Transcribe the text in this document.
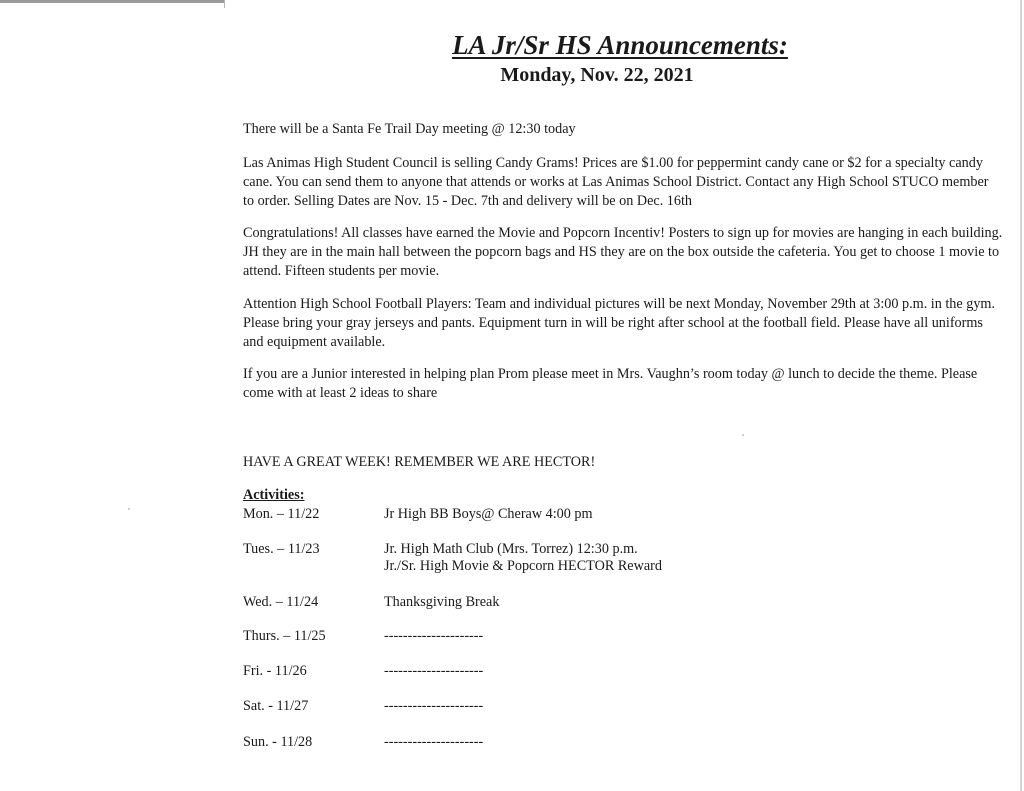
LA Jr/Sr HS Announcements:
Monday, Nov. 22, 2021

There will be a Santa Fe Trail Day meeting @ 12:30 today

Las Animas High Student Council is selling Candy Grams! Prices are $1.00 for peppermint candy cane or $2 for a specialty candy cane. You can send them to anyone that attends or works at Las Animas School District. Contact any High School STUCO member to order. Selling Dates are Nov. 15 - Dec. 7th and delivery will be on Dec. 16th

Congratulations! All classes have earned the Movie and Popcorn Incentiv! Posters to sign up for movies are hanging in each building. JH they are in the main hall between the popcorn bags and HS they are on the box outside the cafeteria. You get to choose 1 movie to attend. Fifteen students per movie.

Attention High School Football Players: Team and individual pictures will be next Monday, November 29th at 3:00 p.m. in the gym. Please bring your gray jerseys and pants. Equipment turn in will be right after school at the football field. Please have all uniforms and equipment available.

If you are a Junior interested in helping plan Prom please meet in Mrs. Vaughn’s room today @ lunch to decide the theme. Please come with at least 2 ideas to share

HAVE A GREAT WEEK! REMEMBER WE ARE HECTOR!

Activities:
Mon. – 11/22	Jr High BB Boys@ Cheraw 4:00 pm
Tues. – 11/23	Jr. High Math Club (Mrs. Torrez) 12:30 p.m.
Jr./Sr. High Movie & Popcorn HECTOR Reward
Wed. – 11/24	Thanksgiving Break
Thurs. – 11/25	---------------------
Fri. - 11/26	---------------------
Sat. - 11/27	---------------------
Sun. - 11/28	---------------------
